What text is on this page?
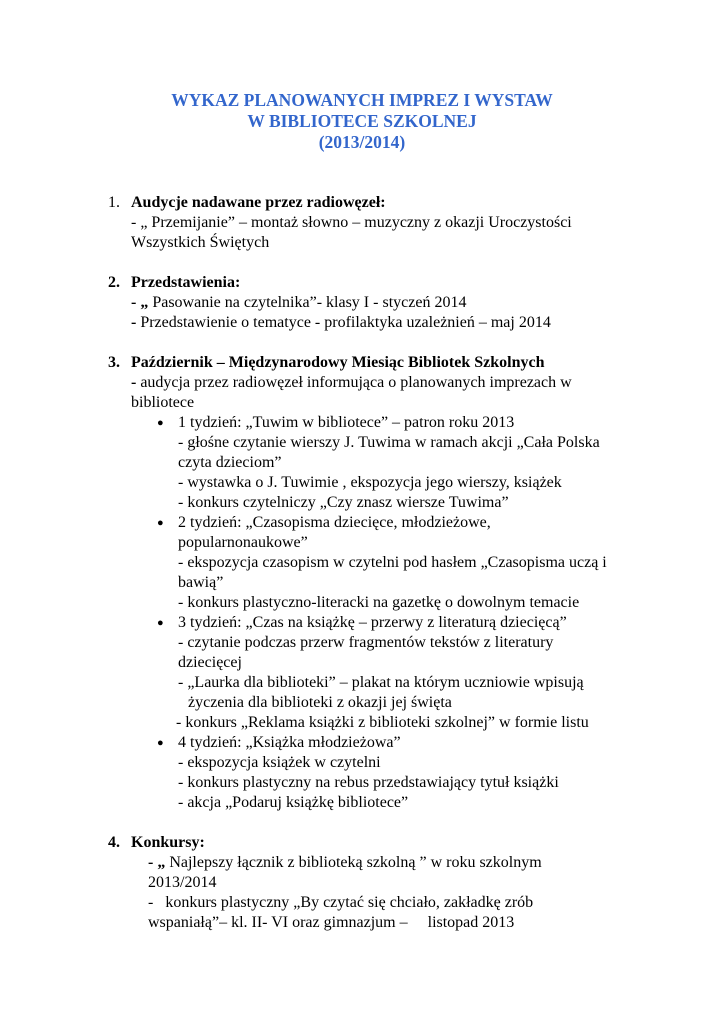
WYKAZ PLANOWANYCH IMPREZ I WYSTAW
W BIBLIOTECE SZKOLNEJ
(2013/2014)
1. Audycje nadawane przez radiowęzeł:
- „ Przemijanie” – montaż słowno – muzyczny z okazji Uroczystości
Wszystkich Świętych
2. Przedstawienia:
- „ Pasowanie na czytelnika”- klasy I - styczeń 2014
- Przedstawienie o tematyce - profilaktyka uzależnień – maj 2014
3. Październik – Międzynarodowy Miesiąc Bibliotek Szkolnych
- audycja przez radiowęzeł informująca o planowanych imprezach w
bibliotece
● 1 tydzień: „Tuwim w bibliotece” – patron roku 2013
- głośne czytanie wierszy J. Tuwima w ramach akcji „Cała Polska
czyta dzieciom”
- wystawka o J. Tuwimie , ekspozycja jego wierszy, książek
- konkurs czytelniczy „Czy znasz wiersze Tuwima”
● 2 tydzień: „Czasopisma dziecięce, młodzieżowe,
popularnonaukowe”
- ekspozycja czasopism w czytelni pod hasłem „Czasopisma uczą i
bawią”
- konkurs plastyczno-literacki na gazetkę o dowolnym temacie
● 3 tydzień: „Czas na książkę – przerwy z literaturą dziecięcą”
- czytanie podczas przerw fragmentów tekstów z literatury
dziecięcej
- „Laurka dla biblioteki” – plakat na którym uczniowie wpisują
życzenia dla biblioteki z okazji jej święta
- konkurs „Reklama książki z biblioteki szkolnej” w formie listu
● 4 tydzień: „Książka młodzieżowa”
- ekspozycja książek w czytelni
- konkurs plastyczny na rebus przedstawiający tytuł książki
- akcja „Podaruj książkę bibliotece”
4. Konkursy:
- „ Najlepszy łącznik z biblioteką szkolną ” w roku szkolnym
2013/2014
-   konkurs plastyczny „By czytać się chciało, zakładkę zrób
wspaniałą”– kl. II- VI oraz gimnazjum –     listopad 2013
